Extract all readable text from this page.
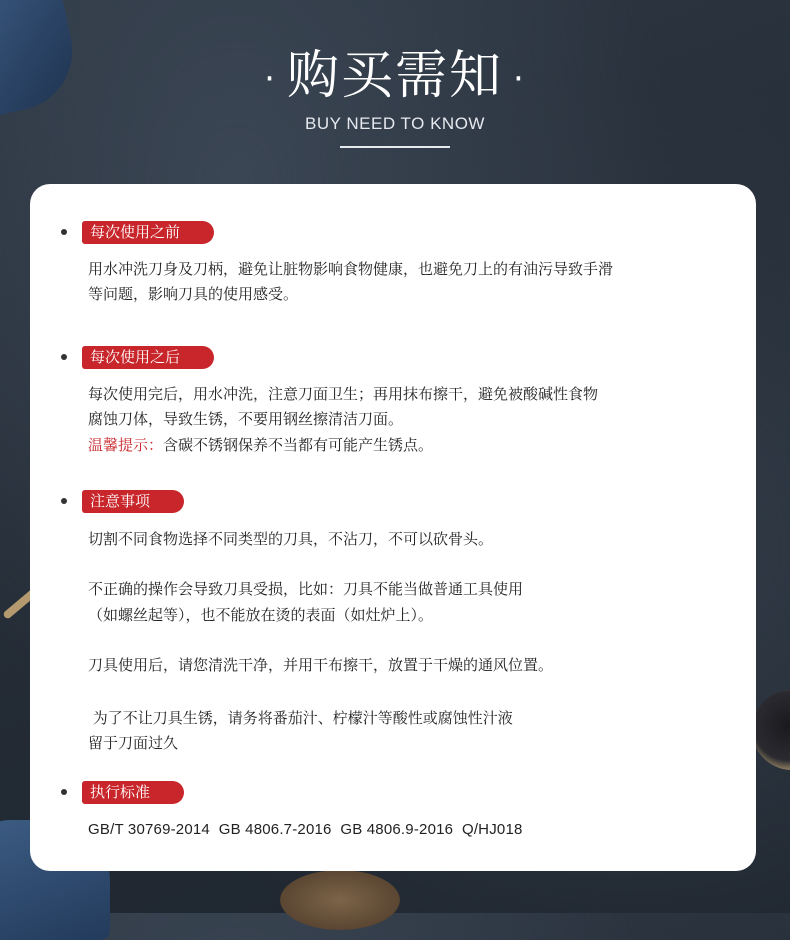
· 购买需知 ·
BUY NEED TO KNOW
每次使用之前
用水冲洗刀身及刀柄，避免让脏物影响食物健康，也避免刀上的有油污导致手滑
等问题，影响刀具的使用感受。
每次使用之后
每次使用完后，用水冲洗，注意刀面卫生；再用抹布擦干，避免被酸碱性食物
腐蚀刀体，导致生锈，不要用钢丝擦清洁刀面。
温馨提示：含碳不锈钢保养不当都有可能产生锈点。
注意事项
切割不同食物选择不同类型的刀具，不沾刀，不可以砍骨头。
不正确的操作会导致刀具受损，比如：刀具不能当做普通工具使用
（如螺丝起等），也不能放在烫的表面（如灶炉上）。
刀具使用后，请您清洗干净，并用干布擦干，放置于干燥的通风位置。
为了不让刀具生锈，请务将番茄汁、柠檬汁等酸性或腐蚀性汁液
留于刀面过久
执行标准
GB/T 30769-2014  GB 4806.7-2016  GB 4806.9-2016  Q/HJ018
